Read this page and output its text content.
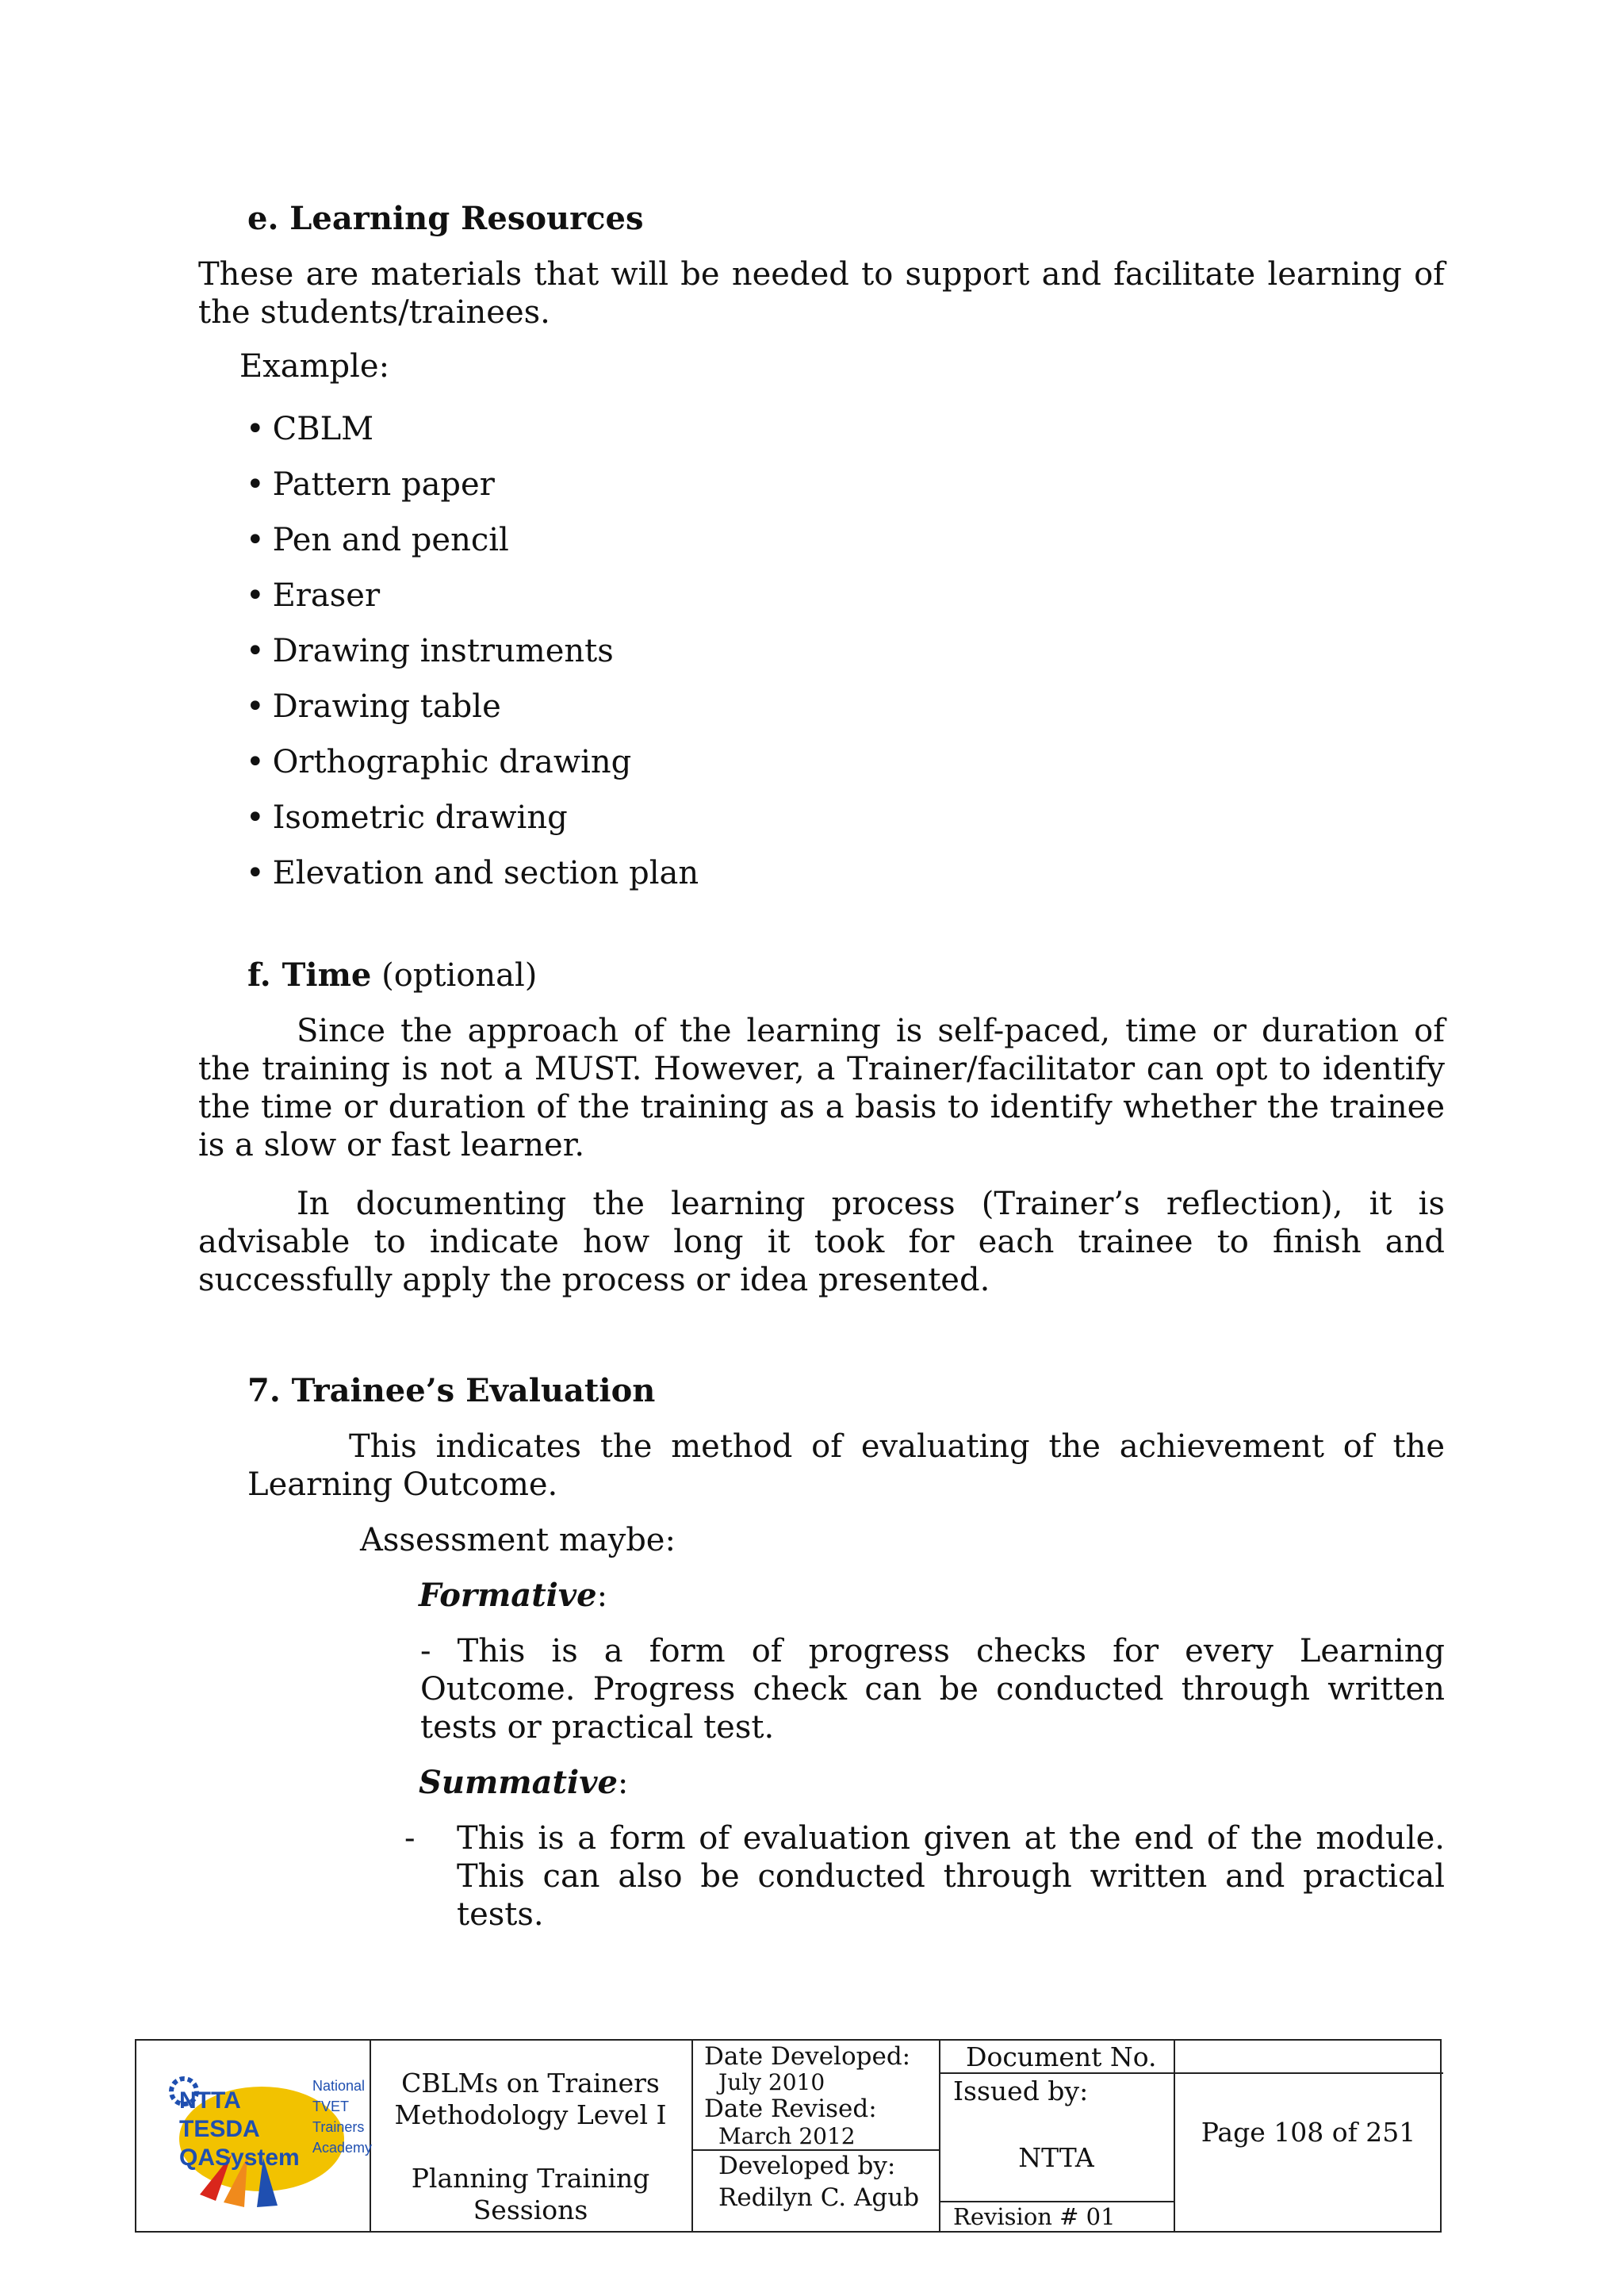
e. Learning Resources

These are materials that will be needed to support and facilitate learning of

the students/trainees.

Example:

• CBLM
• Pattern paper
• Pen and pencil
• Eraser
• Drawing instruments
• Drawing table
• Orthographic drawing
• Isometric drawing
• Elevation and section plan

f. Time (optional)

Since the approach of the learning is self-paced, time or duration of

the training is not a MUST. However, a Trainer/facilitator can opt to identify

the time or duration of the training as a basis to identify whether the trainee

is a slow or fast learner.

In documenting the learning process (Trainer’s reflection), it is

advisable to indicate how long it took for each trainee to finish and

successfully apply the process or idea presented.

7. Trainee’s Evaluation

This indicates the method of evaluating the achievement of the

Learning Outcome.

Assessment maybe:

Formative:

- This is a form of progress checks for every Learning

Outcome. Progress check can be conducted through written

tests or practical test.

Summative:

- This is a form of evaluation given at the end of the module.

This can also be conducted through written and practical

tests.

NTTA TESDA QASystem
National
TVET
Trainers
Academy
CBLMs on Trainers
Methodology Level I
Planning Training
Sessions
Date Developed:
July 2010
Date Revised:
March 2012
Developed by:
Redilyn C. Agub
Document No.
Issued by:
NTTA
Revision # 01
Page 108 of 251
